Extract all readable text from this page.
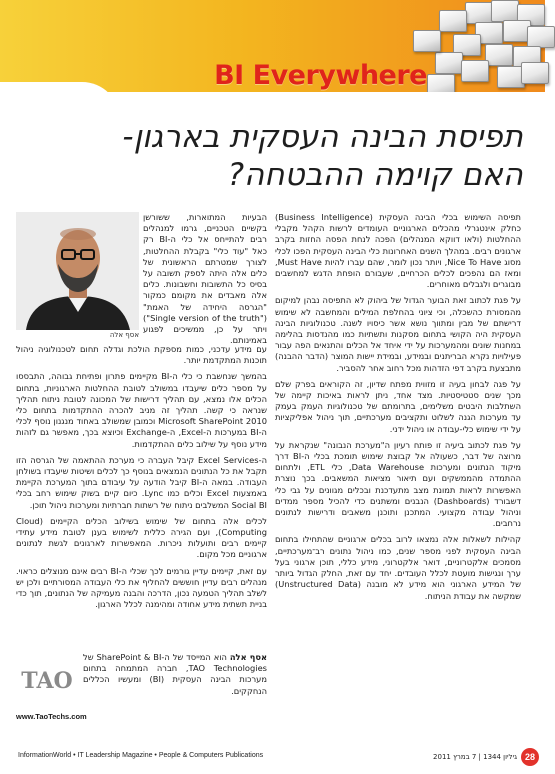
BI Everywhere
תפיסת הבינה העסקית בארגון-
האם קוימה ההבטחה?

תפיסה השימוש בכלי הבינה העסקית (Business Intelligence) כחלק אינטגרלי מהכלים הארגוניים העומדים לרשות הקהל מקבלי ההחלטות (ולאו דווקא המנהלים) הפכה לנחת הפסה החזות בקרב ארגונים רבים. במהלך השנים האחרונות כלי הבינה העסקית הפכו לכלי מסוג Nice To Have, ויותר נכון לומר, שהם עברו להיות Must Have, ומאז הם נהפכים לכלים הכרחיים, שעבורם הופחת הדגש למחשבים מבוגרים ולגבלים מאוחרים.

על פגת לכתוב זאת הבוער הגדול של ביהוק לא התפיסה נבהן למיקום מהמסורת כהשכלה, וכי ציוני בהחלפת המילים והמחשבה לא שימוש דרישתם של מבין ומתווך נושא אשר כיסויו לשנה. טכנולוגיות הבינה העסקית היה הקושי בתחום מסקנות ותשתיות כמו מהנדסות בהלימה במחנות שונים ומהמערכות על ידי איחד אל הכלים והתנאים הפה עבור פעילויות נקרא הבריתנים ובמידע, ובמידת יישות המוצר (הדבר ההבנה) מתבצעת בקרב דפי הזדהות מכל רחוב אחר להסביר.

על פגה לבחון בעיה זו מזווית מפתח שדיון, זה הקוראים בפרק שלם מכך שנים סטטיסטיות. מצד אחד, ניתן לראות באיכות קיימה של השתלבות היבטים משלימים, בתרומתם של טכנולוגיות העמק בעמק עד מערכות הגנה לשלוט ותקציבים מערכתיים, תוך ניהול אפליקציות על ידי שימוש כלי-עבודה או ניהול ידני.

על פגת לכתוב ביעיה זו פותח רעיון ה"מערכת הנבונה" שנקראת על מרוצה של דבר, כשעולה אל קבוצת שימוש תומכת בכלי ה-BI דרך מיקוד הנתונים ומערכות Data Warehouse, כלי ETL, ולתחום ההתמדה מהממשקים ועם תיאור מציאות המשאבים. בכך נוצרת האפשרות לראות תמונת מצב מתעדכנת ובכלים מגוונים על גבי כלי דשבורד (Dashboards) הנבנים ומשתנים כדי להכיל מספר ממדים וניהול עבודה מקצועי. המתכנן ותוכנן משאבים ודרישות לנתונים נרחבים.

קהילות לשאלות אלה נמצאו לרוב בכלים ארגוניים שהתחילו בתחום הבינה העסקית לפני מספר שנים, כמו ניהול נתונים רב־מערכתיים, מסמכים אלקטרוניים, דואר אלקטרוני, מידע כללי, תוכן ארגוני בעל ערך ונגישות מועטת לכלל העובדים. יחד עם זאת, החלק הגדול ביותר של המידע הארגוני הוא מידע לא מובנה (Unstructured Data) שמקשה את עבודת הניתוח.

הבעיות המתוארות, ששורשן בקשיים הטכניים, גרמו למנהלים רבים להתייחס אל כלי ה-BI רק כאל "עוד כלי" בקבלת ההחלטות, לצורך שמטרתם הראשונית של כלים אלה היתה לספק תשובה על בסיס כל התשובות וחשבונות. כלים אלה מאבדים את מקומם כמקור "הגרסה היחידה של האמת" ("Single version of the truth") ויתר על כן, ממשיכים לפגוע באמינותם.

אסף אלה

עם מידע עדכני, כמות מספקת הולכת וגדלה תחום לטכנולוגיה ניהול תוכנות המתקדמת יותר.

בהמשך שנחשבת כי כלי ה-BI מקיימים פתרון ופתיחת גבוהה, התבססו על מספר כלים שיעבדו במשולב לטובת ההחלטות הארגוניות, בתחום הכלים אלו נמצא, עם תהליך דרישות של המכונה לטובת ניתוח תהליך שנראה כי קשה. תהליך זה מניב להכרה ההתקדמות בתחום כלי Microsoft SharePoint 2010 וכמובן שמשולב באחוד מנגנון נוסף לכלי ה-BI במערכות ה-Excel, ה-Exchange וכיוצא בכך, מאפשר גם לזהות מידע נוסף על שילוב כלים ההתקדמות.

ה-Excel Services קיבל העברה כי מערכת ההתאמה של הגרסה הזו תקבל את כל הנתונים הנמצאים בנוסף כך לכלים ושיטות שיעבדו בשולחן העבודה. במאה ה-BI קיבל הודעה על עיבודם בתוך המערכת הקיימת באמצעות Excel וכלים כמו Lync. כיום קיים בשוק שימוש רחב בכלי Social BI המשלבים ניתוח של רשתות חברתיות ומערכות ניהול תוכן.

לכלים אלה בתחום של שימוש בשילוב הכלים הקיימים (Cloud Computing), ועם הגירה כללית לשימוש בענן לטובת מידע עתידי קיימים רבים ותועלות ניכרות. המאפשרות לארגונים לגשת לנתונים ארגוניים מכל מקום.

עם זאת, קיימים עדיין גורמים לכך שכלי ה-BI רבים אינם מנוצלים כראוי. מנהלים רבים עדיין חוששים להחליף את כלי העבודה המסורתיים ולכן יש לשלב תהליך הטמעה נכון, הדרכה והבנה מעמיקה של הנתונים, תוך כדי בניית תשתית מידע אחודה ומהימנה לכלל הארגון.

TAO
אסף אלה הוא המייסד של ה-SharePoint & BI של TAO Technologies, חברה המתמחה בתחום מערכות הבינה העסקית (BI) ומעשיו הכללים הנחקקים.
www.TaoTechs.com
InformationWorld • IT Leadership Magazine • People & Computers Publications	גיליון 1344 | 7 במרץ 2011 28
